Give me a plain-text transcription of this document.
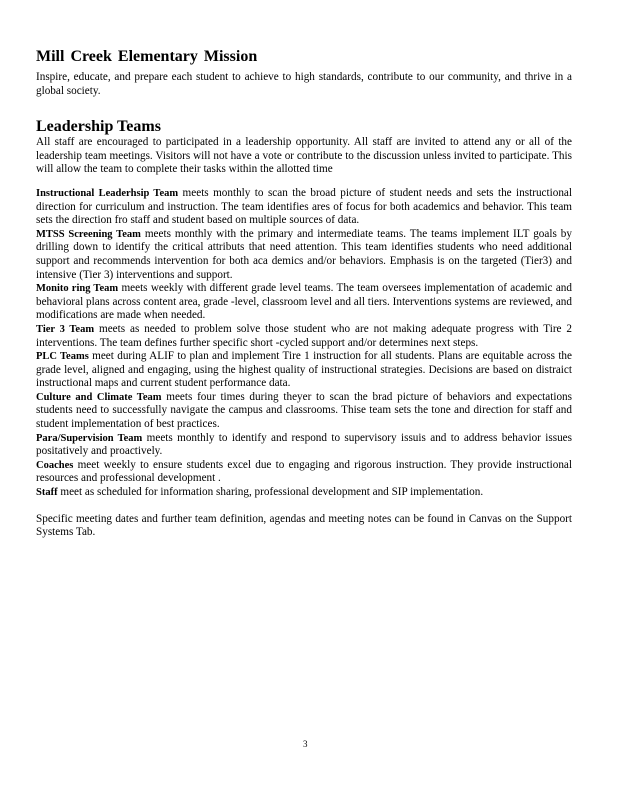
Mill Creek Elementary Mission

Inspire, educate, and prepare each student to achieve to high standards, contribute to our community, and thrive in a global society.

Leadership Teams

All staff are encouraged to participated in a leadership opportunity. All staff are invited to attend any or all of the leadership team meetings. Visitors will not have a vote or contribute to the discussion unless invited to participate. This will allow the team to complete their tasks within the allotted time

Instructional Leaderhsip Team meets monthly to scan the broad picture of student needs and sets the instructional direction for curriculum and instruction. The team identifies ares of focus for both academics and behavior. This team sets the direction fro staff and student based on multiple sources of data.

MTSS Screening Team meets monthly with the primary and intermediate teams. The teams implement ILT goals by drilling down to identify the critical attributs that need attention. This team identifies students who need additional support and recommends intervention for both aca demics and/or behaviors. Emphasis is on the targeted (Tier3) and intensive (Tier 3) interventions and support.

Monito ring Team meets weekly with different grade level teams. The team oversees implementation of academic and behavioral plans across content area, grade -level, classroom level and all tiers. Interventions systems are reviewed, and modifications are made when needed.

Tier 3 Team meets as needed to problem solve those student who are not making adequate progress with Tire 2 interventions. The team defines further specific short -cycled support and/or determines next steps.

PLC Teams meet during ALIF to plan and implement Tire 1 instruction for all students. Plans are equitable across the grade level, aligned and engaging, using the highest quality of instructional strategies. Decisions are based on distraict instructional maps and current student performance data.

Culture and Climate Team meets four times during theyer to scan the brad picture of behaviors and expectations students need to successfully navigate the campus and classrooms. Thise team sets the tone and direction for staff and student implementation of best practices.

Para/Supervision Team meets monthly to identify and respond to supervisory issuis and to address behavior issues positatively and proactively.

Coaches meet weekly to ensure students excel due to engaging and rigorous instruction. They provide instructional resources and professional development .

Staff meet as scheduled for information sharing, professional development and SIP implementation.

Specific meeting dates and further team definition, agendas and meeting notes can be found in Canvas on the Support Systems Tab.

3
